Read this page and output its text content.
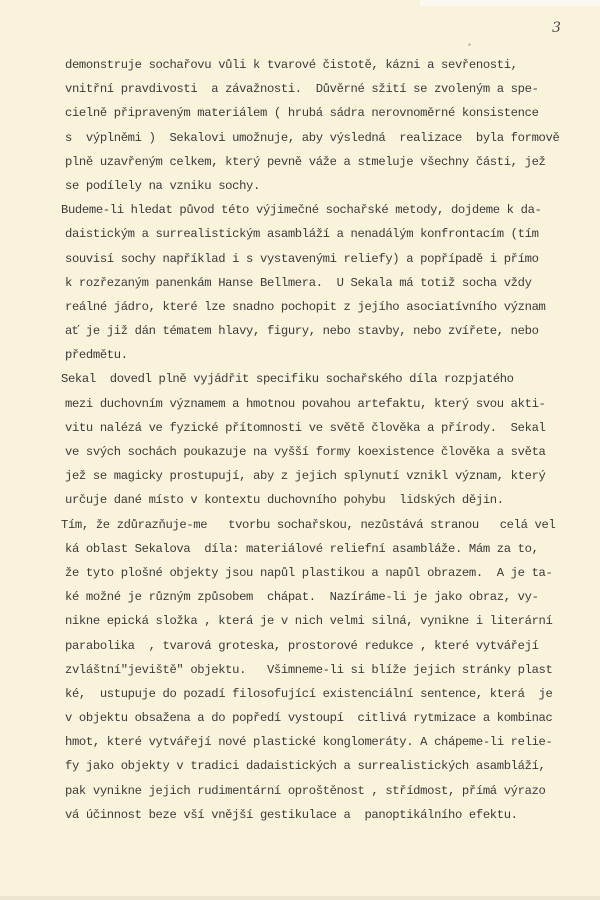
3
*
demonstruje sochařovu vůli k tvarové čistotě, kázni a sevřenosti,
vnitřní pravdivosti  a závažnosti.  Důvěrné sžití se zvoleným a spe-
cielně připraveným materiálem ( hrubá sádra nerovnoměrné konsistence
s  výplněmi )  Sekalovi umožnuje, aby výsledná  realizace  byla formově
plně uzavřeným celkem, který pevně váže a stmeluje všechny části, jež
se podílely na vzniku sochy.
Budeme-li hledat původ této výjimečné sochařské metody, dojdeme k da-
daistickým a surrealistickým asambláží a nenadálým konfrontacím (tím
souvisí sochy například i s vystavenými reliefy) a popřípadě i přímo
k rozřezaným panenkám Hanse Bellmera.  U Sekala má totiž socha vždy
reálné jádro, které lze snadno pochopit z jejího asociatívního význam
ať je již dán tématem hlavy, figury, nebo stavby, nebo zvířete, nebo
předmětu.
Sekal  dovedl plně vyjádřit specifiku sochařského díla rozpjatého
mezi duchovním významem a hmotnou povahou artefaktu, který svou akti-
vitu nalézá ve fyzické přítomnosti ve světě člověka a přírody.  Sekal
ve svých sochách poukazuje na vyšší formy koexistence člověka a světa
jež se magicky prostupují, aby z jejich splynutí vznikl význam, který
určuje dané místo v kontextu duchovního pohybu  lidských dějin.
Tím, že zdůrazňuje-me   tvorbu sochařskou, nezůstává stranou   celá vel
ká oblast Sekalova  díla: materiálové reliefní asambláže. Mám za to,
že tyto plošné objekty jsou napůl plastikou a napůl obrazem.  A je ta-
ké možné je různým způsobem  chápat.  Nazíráme-li je jako obraz, vy-
nikne epická složka , která je v nich velmi silná, vynikne i literární
parabolika  , tvarová groteska, prostorové redukce , které vytvářejí
zvláštní"jeviště" objektu.   Všimneme-li si blíže jejich stránky plast
ké,  ustupuje do pozadí filosofující existenciální sentence, která  je
v objektu obsažena a do popředí vystoupí  citlivá rytmizace a kombinac
hmot, které vytvářejí nové plastické konglomeráty. A chápeme-li relie-
fy jako objekty v tradici dadaistických a surrealistických asambláží,
pak vynikne jejich rudimentární oproštěnost , střídmost, přímá výrazo
vá účinnost beze vší vnější gestikulace a  panoptikálního efektu.
